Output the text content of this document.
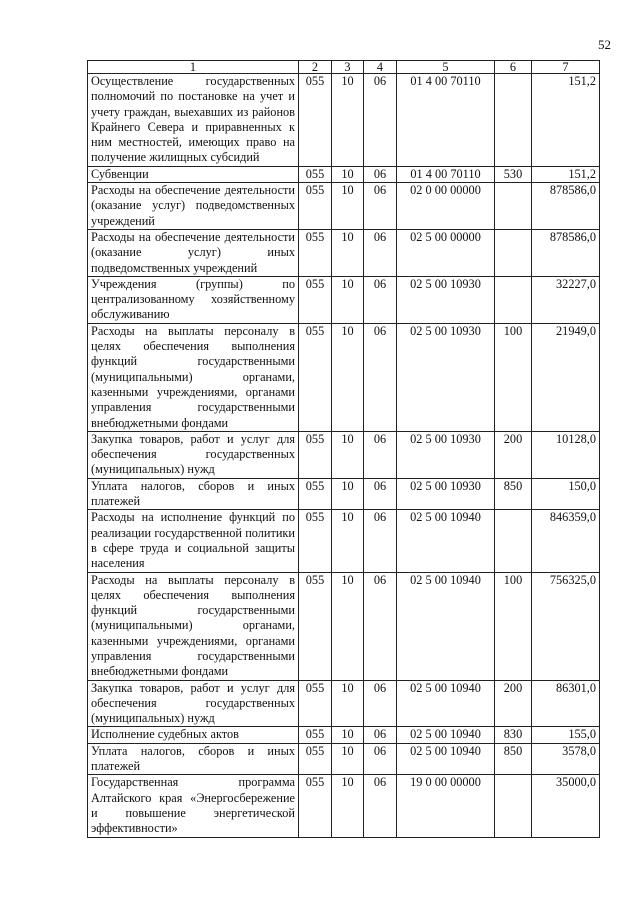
52
1	2	3	4	5	6	7

Осуществление государственных полномочий по постановке на учет и учету граждан, выехавших из районов Крайнего Севера и приравненных к ним местностей, имеющих право на получение жилищных субсидий	055	10	06	01 4 00 70110		151,2

Субвенции	055	10	06	01 4 00 70110	530	151,2

Расходы на обеспечение деятельности (оказание услуг) подведомственных учреждений	055	10	06	02 0 00 00000		878586,0

Расходы на обеспечение деятельности (оказание услуг) иных подведомственных учреждений	055	10	06	02 5 00 00000		878586,0

Учреждения (группы) по централизованному хозяйственному обслуживанию	055	10	06	02 5 00 10930		32227,0

Расходы на выплаты персоналу в целях обеспечения выполнения функций государственными (муниципальными) органами, казенными учреждениями, органами управления государственными внебюджетными фондами	055	10	06	02 5 00 10930	100	21949,0

Закупка товаров, работ и услуг для обеспечения государственных (муниципальных) нужд	055	10	06	02 5 00 10930	200	10128,0

Уплата налогов, сборов и иных платежей	055	10	06	02 5 00 10930	850	150,0

Расходы на исполнение функций по реализации государственной политики в сфере труда и социальной защиты населения	055	10	06	02 5 00 10940		846359,0

Расходы на выплаты персоналу в целях обеспечения выполнения функций государственными (муниципальными) органами, казенными учреждениями, органами управления государственными внебюджетными фондами	055	10	06	02 5 00 10940	100	756325,0

Закупка товаров, работ и услуг для обеспечения государственных (муниципальных) нужд	055	10	06	02 5 00 10940	200	86301,0

Исполнение судебных актов	055	10	06	02 5 00 10940	830	155,0

Уплата налогов, сборов и иных платежей	055	10	06	02 5 00 10940	850	3578,0

Государственная программа Алтайского края «Энергосбережение и повышение энергетической эффективности»	055	10	06	19 0 00 00000		35000,0
